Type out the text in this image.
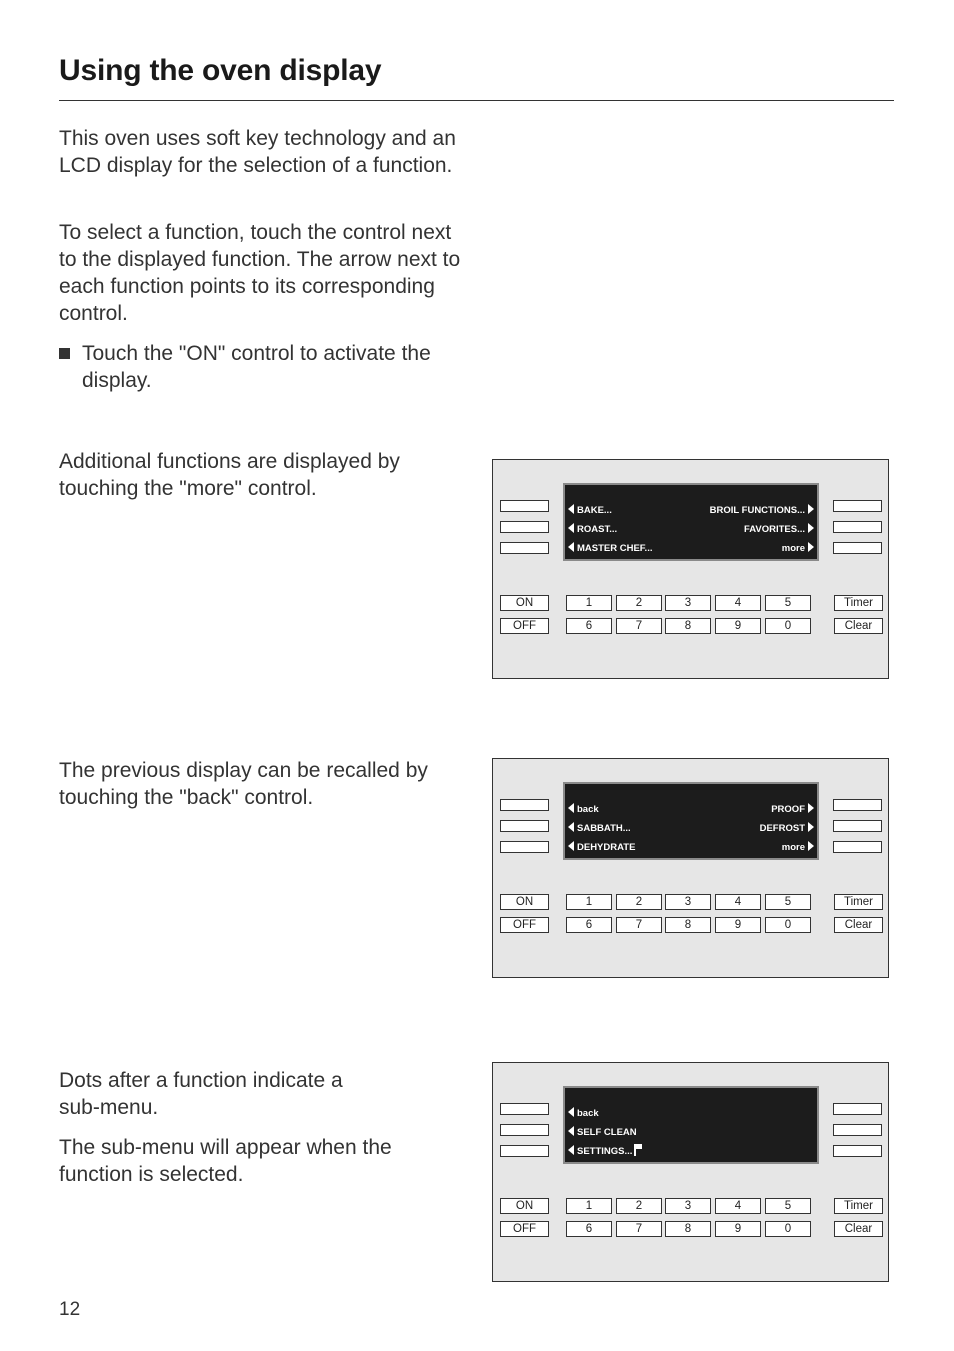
Using the oven display

This oven uses soft key technology and an LCD display for the selection of a function.

To select a function, touch the control next to the displayed function. The arrow next to each function points to its corresponding control.

Touch the "ON" control to activate the display.

Additional functions are displayed by touching the "more" control.

The previous display can be recalled by touching the "back" control.

Dots after a function indicate a sub-menu.

The sub-menu will appear when the function is selected.

BAKE...	BROIL FUNCTIONS...
ROAST...	FAVORITES...
MASTER CHEF...	more
ON
OFF
1	2	3	4	5
6	7	8	9	0
Timer
Clear
back	PROOF
SABBATH...	DEFROST
DEHYDRATE	more
ON
OFF
1	2	3	4	5
6	7	8	9	0
Timer
Clear
back
SELF CLEAN
SETTINGS...
ON
OFF
1	2	3	4	5
6	7	8	9	0
Timer
Clear
12
